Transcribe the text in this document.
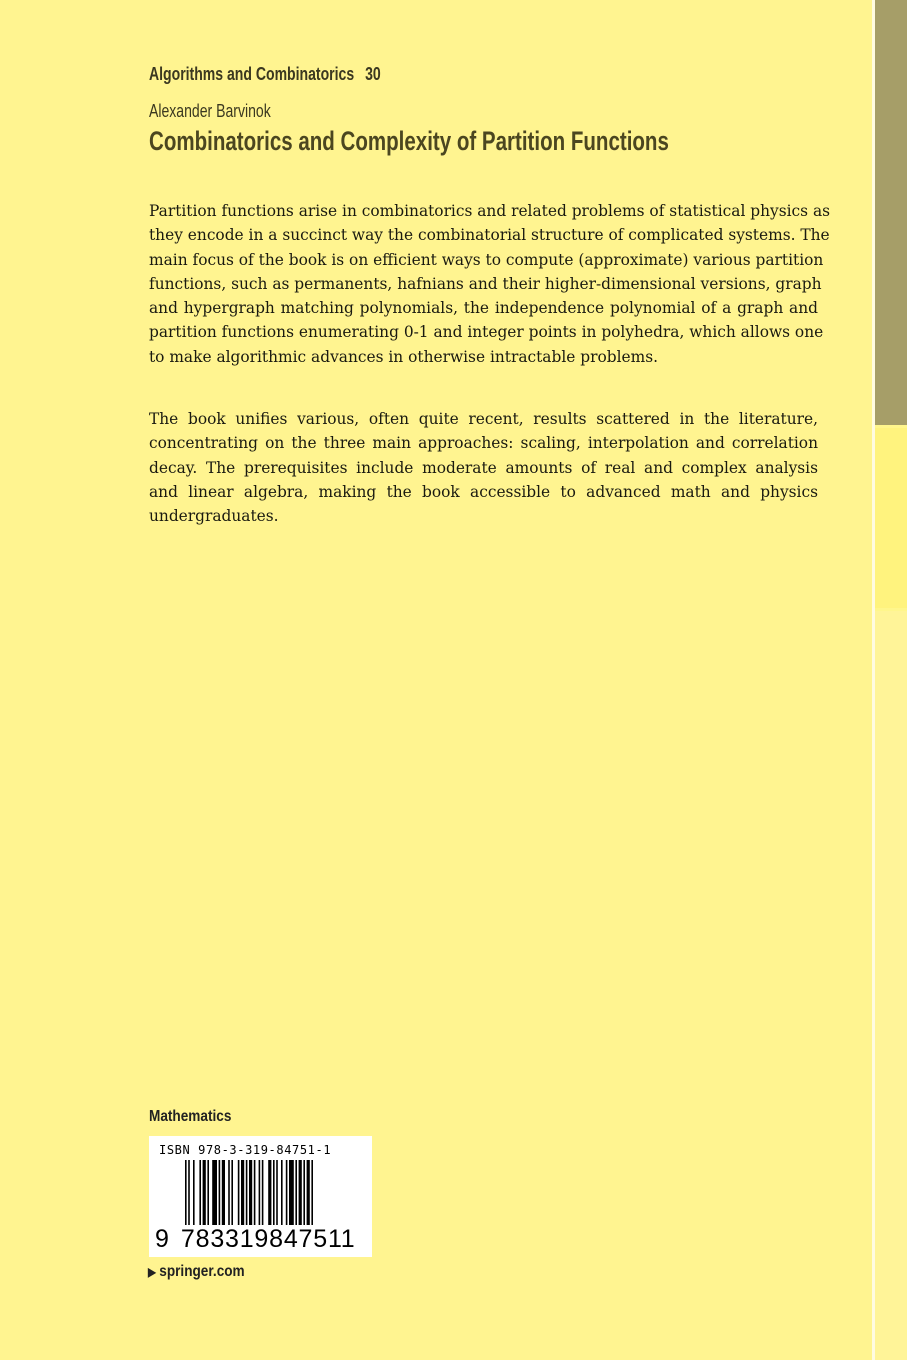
Algorithms and Combinatorics 30
Alexander Barvinok
Combinatorics and Complexity of Partition Functions
Partition functions arise in combinatorics and related problems of statistical physics as
they encode in a succinct way the combinatorial structure of complicated systems. The
main focus of the book is on efficient ways to compute (approximate) various partition
functions, such as permanents, hafnians and their higher-dimensional versions, graph
and hypergraph matching polynomials, the independence polynomial of a graph and
partition functions enumerating 0-1 and integer points in polyhedra, which allows one
to make algorithmic advances in otherwise intractable problems.
The book unifies various, often quite recent, results scattered in the literature,
concentrating on the three main approaches: scaling, interpolation and correlation
decay. The prerequisites include moderate amounts of real and complex analysis
and linear algebra, making the book accessible to advanced math and physics
undergraduates.
Mathematics
ISBN 978-3-319-84751-1
9 783319847511
▶ springer.com
